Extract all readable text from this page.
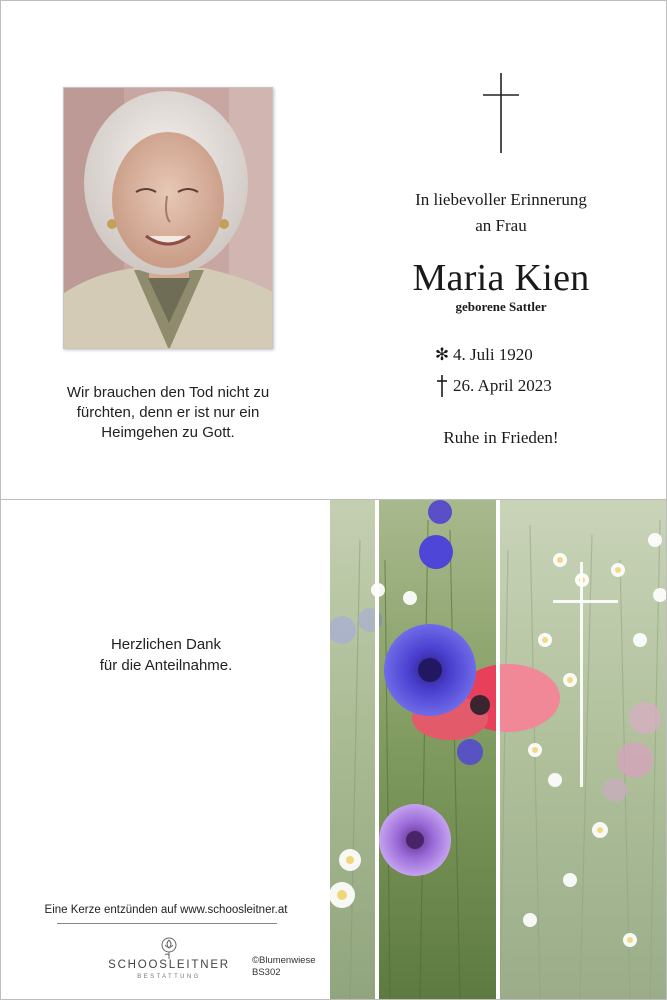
In liebevoller Erinnerung
an Frau
Maria Kien
geborene Sattler
✻ 4. Juli 1920
26. April 2023
Ruhe in Frieden!
Wir brauchen den Tod nicht zu
fürchten, denn er ist nur ein
Heimgehen zu Gott.
Herzlichen Dank
für die Anteilnahme.
Eine Kerze entzünden auf www.schoosleitner.at
SCHOOSLEITNER
BESTATTUNG
©Blumenwiese
BS302
